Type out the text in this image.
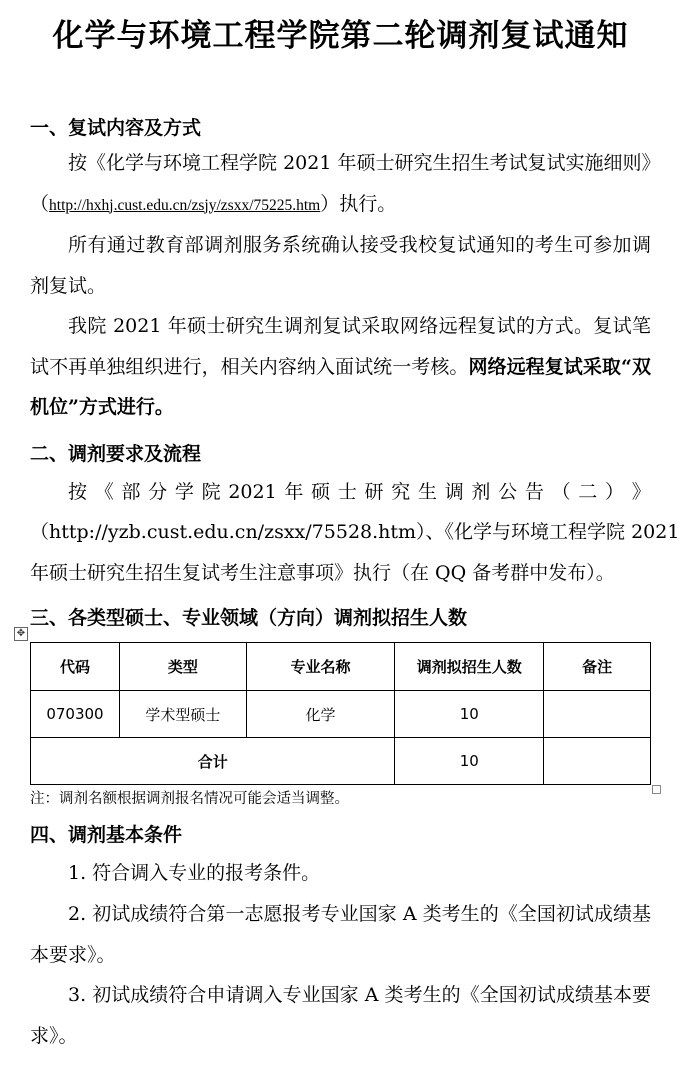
化学与环境工程学院第二轮调剂复试通知
一、复试内容及方式

按《化学与环境工程学院 2021 年硕士研究生招生考试复试实施细则》（http://hxhj.cust.edu.cn/zsjy/zsxx/75225.htm）执行。

所有通过教育部调剂服务系统确认接受我校复试通知的考生可参加调剂复试。

我院 2021 年硕士研究生调剂复试采取网络远程复试的方式。复试笔试不再单独组织进行，相关内容纳入面试统一考核。网络远程复试采取“双机位”方式进行。

二、调剂要求及流程
按 《 部 分 学 院 2021 年 硕 士 研 究 生 调 剂 公 告 （ 二 ） 》
（http://yzb.cust.edu.cn/zsxx/75528.htm）、《化学与环境工程学院 2021
年硕士研究生招生复试考生注意事项》执行（在 QQ 备考群中发布）。
三、各类型硕士、专业领域（方向）调剂拟招生人数
✥
代码	类型	专业名称	调剂拟招生人数	备注
070300	学术型硕士	化学	10	
合计			10	
注：调剂名额根据调剂报名情况可能会适当调整。
四、调剂基本条件

1. 符合调入专业的报考条件。

2. 初试成绩符合第一志愿报考专业国家 A 类考生的《全国初试成绩基本要求》。

3. 初试成绩符合申请调入专业国家 A 类考生的《全国初试成绩基本要求》。
